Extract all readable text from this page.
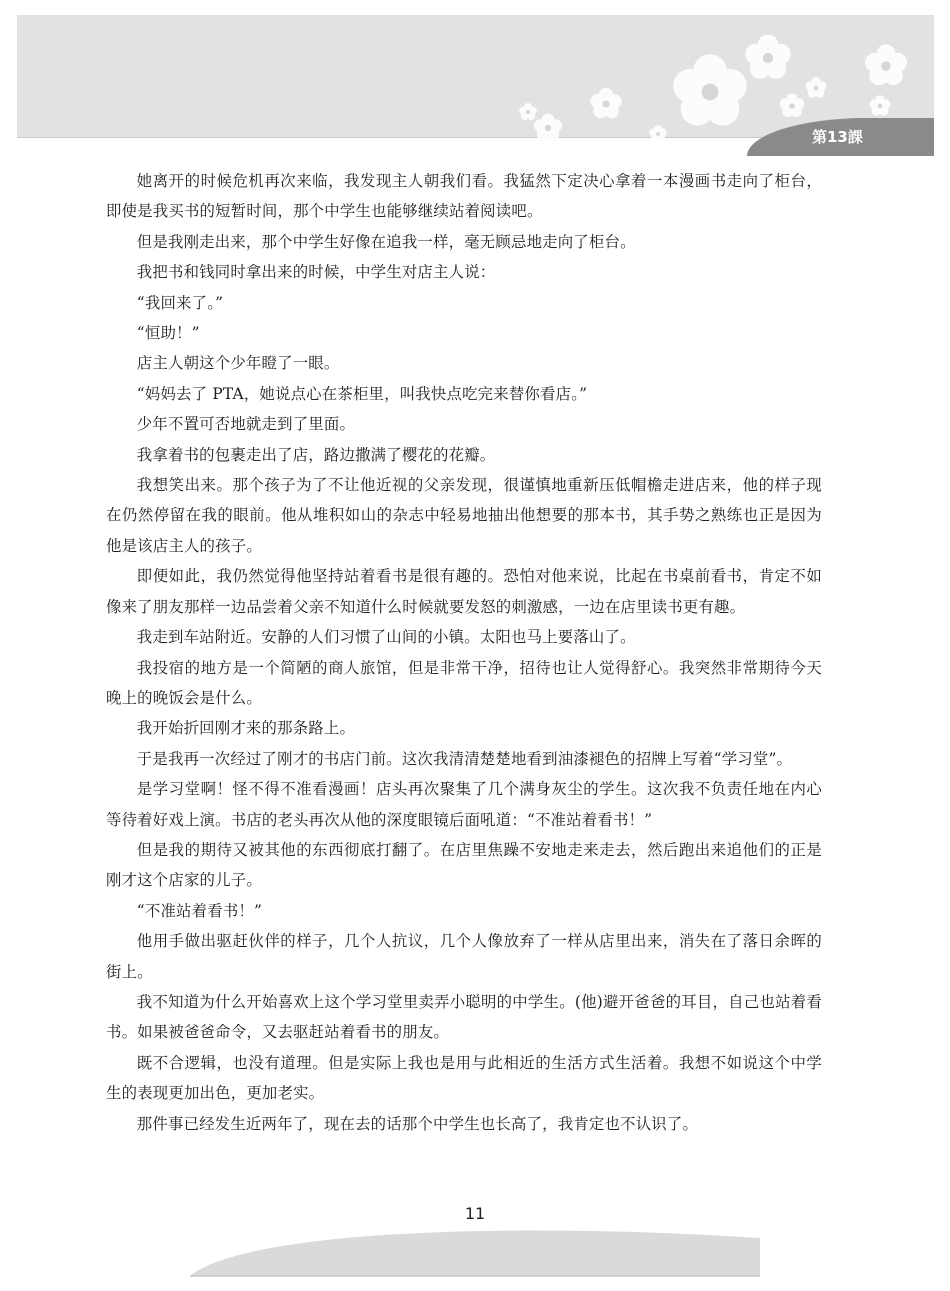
第13課

她离开的时候危机再次来临，我发现主人朝我们看。我猛然下定决心拿着一本漫画书走向了柜台，即使是我买书的短暂时间，那个中学生也能够继续站着阅读吧。

但是我刚走出来，那个中学生好像在追我一样，毫无顾忌地走向了柜台。

我把书和钱同时拿出来的时候，中学生对店主人说：

“我回来了。”

“恒助！”

店主人朝这个少年瞪了一眼。

“妈妈去了 PTA，她说点心在茶柜里，叫我快点吃完来替你看店。”

少年不置可否地就走到了里面。

我拿着书的包裹走出了店，路边撒满了樱花的花瓣。

我想笑出来。那个孩子为了不让他近视的父亲发现，很谨慎地重新压低帽檐走进店来，他的样子现在仍然停留在我的眼前。他从堆积如山的杂志中轻易地抽出他想要的那本书，其手势之熟练也正是因为他是该店主人的孩子。

即便如此，我仍然觉得他坚持站着看书是很有趣的。恐怕对他来说，比起在书桌前看书，肯定不如像来了朋友那样一边品尝着父亲不知道什么时候就要发怒的刺激感，一边在店里读书更有趣。

我走到车站附近。安静的人们习惯了山间的小镇。太阳也马上要落山了。

我投宿的地方是一个简陋的商人旅馆，但是非常干净，招待也让人觉得舒心。我突然非常期待今天晚上的晚饭会是什么。

我开始折回刚才来的那条路上。

于是我再一次经过了刚才的书店门前。这次我清清楚楚地看到油漆褪色的招牌上写着“学习堂”。

是学习堂啊！怪不得不准看漫画！店头再次聚集了几个满身灰尘的学生。这次我不负责任地在内心等待着好戏上演。书店的老头再次从他的深度眼镜后面吼道：“不准站着看书！”

但是我的期待又被其他的东西彻底打翻了。在店里焦躁不安地走来走去，然后跑出来追他们的正是刚才这个店家的儿子。

“不准站着看书！”

他用手做出驱赶伙伴的样子，几个人抗议，几个人像放弃了一样从店里出来，消失在了落日余晖的街上。

我不知道为什么开始喜欢上这个学习堂里卖弄小聪明的中学生。(他)避开爸爸的耳目，自己也站着看书。如果被爸爸命令，又去驱赶站着看书的朋友。

既不合逻辑，也没有道理。但是实际上我也是用与此相近的生活方式生活着。我想不如说这个中学生的表现更加出色，更加老实。

那件事已经发生近两年了，现在去的话那个中学生也长高了，我肯定也不认识了。

11
